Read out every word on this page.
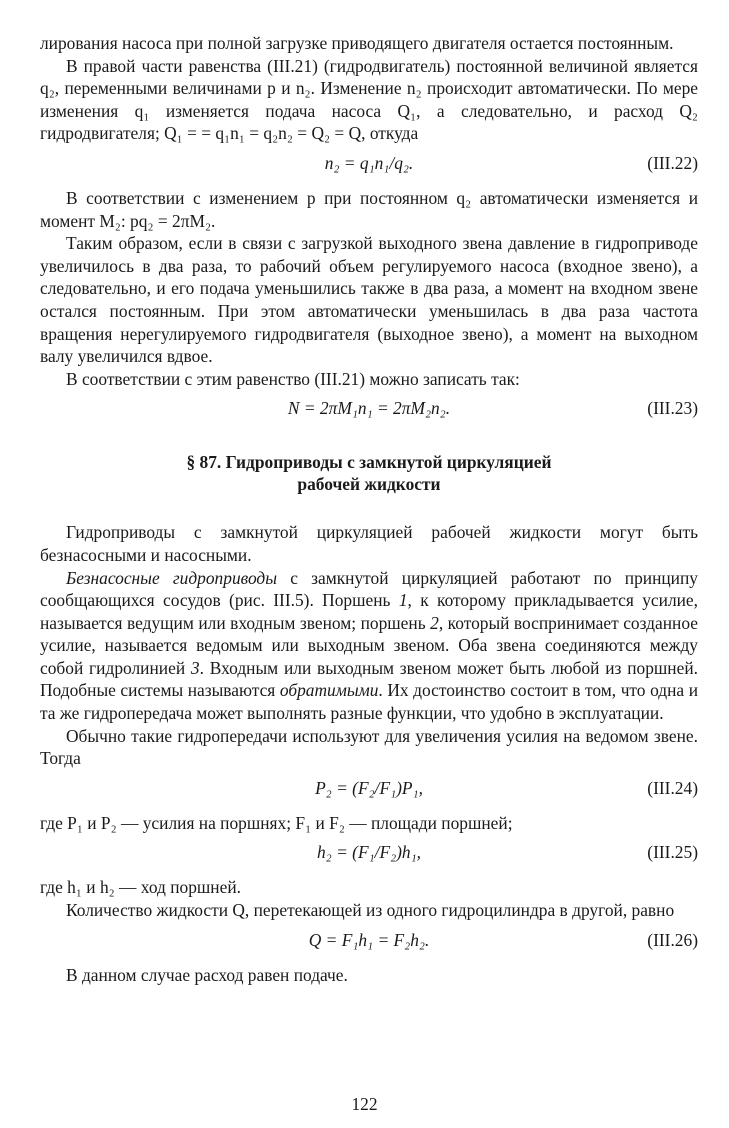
лирования насоса при полной загрузке приводящего двигателя остается постоянным.

В правой части равенства (III.21) (гидродвигатель) постоянной величиной является q₂, переменными величинами p и n₂. Изменение n₂ происходит автоматически. По мере изменения q₁ изменяется подача насоса Q₁, а следовательно, и расход Q₂ гидродвигателя; Q₁ = = q₁n₁ = q₂n₂ = Q₂ = Q, откуда

n₂ = q₁n₁/q₂.	(III.22)

В соответствии с изменением p при постоянном q₂ автоматически изменяется и момент M₂: pq₂ = 2πM₂.

Таким образом, если в связи с загрузкой выходного звена давление в гидроприводе увеличилось в два раза, то рабочий объем регулируемого насоса (входное звено), а следовательно, и его подача уменьшились также в два раза, а момент на входном звене остался постоянным. При этом автоматически уменьшилась в два раза частота вращения нерегулируемого гидродвигателя (выходное звено), а момент на выходном валу увеличился вдвое.

В соответствии с этим равенство (III.21) можно записать так:

N = 2πM₁n₁ = 2πM₂n₂.	(III.23)
§ 87. Гидроприводы с замкнутой циркуляцией
рабочей жидкости

Гидроприводы с замкнутой циркуляцией рабочей жидкости могут быть безнасосными и насосными.

Безнасосные гидроприводы с замкнутой циркуляцией работают по принципу сообщающихся сосудов (рис. III.5). Поршень 1, к которому прикладывается усилие, называется ведущим или входным звеном; поршень 2, который воспринимает созданное усилие, называется ведомым или выходным звеном. Оба звена соединяются между собой гидролинией 3. Входным или выходным звеном может быть любой из поршней. Подобные системы называются обратимыми. Их достоинство состоит в том, что одна и та же гидропередача может выполнять разные функции, что удобно в эксплуатации.

Обычно такие гидропередачи используют для увеличения усилия на ведомом звене. Тогда

P₂ = (F₂/F₁)P₁,	(III.24)

где P₁ и P₂ — усилия на поршнях; F₁ и F₂ — площади поршней;

h₂ = (F₁/F₂)h₁,	(III.25)

где h₁ и h₂ — ход поршней.

Количество жидкости Q, перетекающей из одного гидроцилиндра в другой, равно

Q = F₁h₁ = F₂h₂.	(III.26)

В данном случае расход равен подаче.

122
